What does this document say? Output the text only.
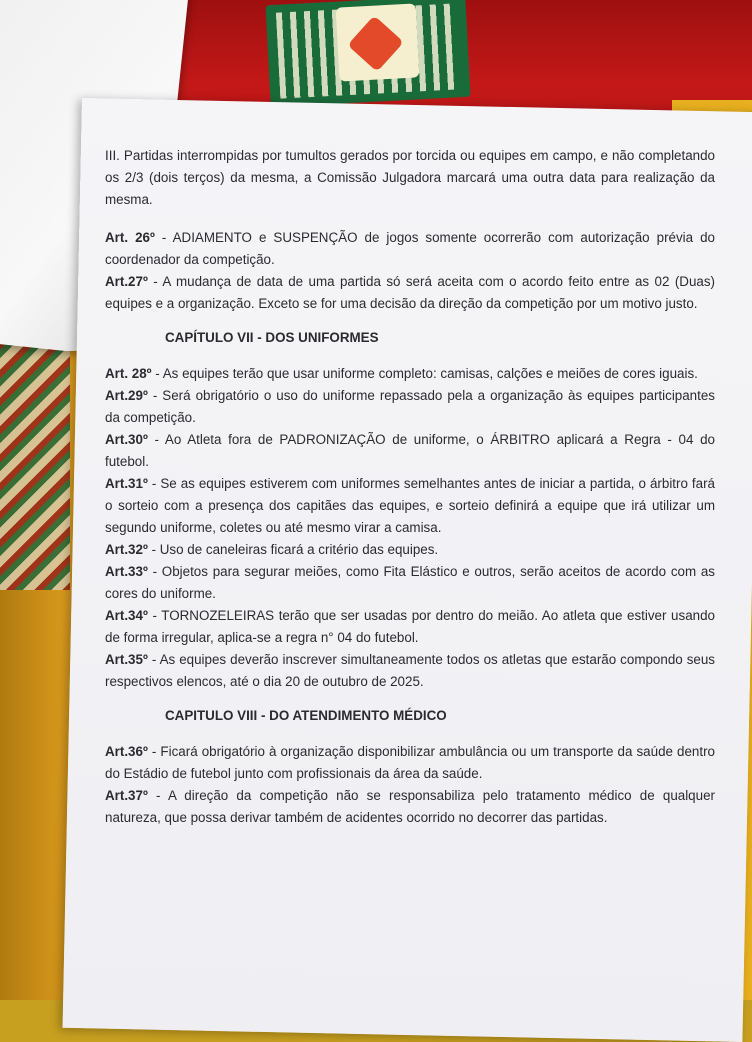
III. Partidas interrompidas por tumultos gerados por torcida ou equipes em campo, e não completando os 2/3 (dois terços) da mesma, a Comissão Julgadora marcará uma outra data para realização da mesma.

Art. 26º - ADIAMENTO e SUSPENÇÃO de jogos somente ocorrerão com autorização prévia do coordenador da competição.

Art.27º - A mudança de data de uma partida só será aceita com o acordo feito entre as 02 (Duas) equipes e a organização. Exceto se for uma decisão da direção da competição por um motivo justo.

CAPÍTULO VII - DOS UNIFORMES

Art. 28º - As equipes terão que usar uniforme completo: camisas, calções e meiões de cores iguais.

Art.29º - Será obrigatório o uso do uniforme repassado pela a organização às equipes participantes da competição.

Art.30º - Ao Atleta fora de PADRONIZAÇÃO de uniforme, o ÁRBITRO aplicará a Regra - 04 do futebol.

Art.31º - Se as equipes estiverem com uniformes semelhantes antes de iniciar a partida, o árbitro fará o sorteio com a presença dos capitães das equipes, e sorteio definirá a equipe que irá utilizar um segundo uniforme, coletes ou até mesmo virar a camisa.

Art.32º - Uso de caneleiras ficará a critério das equipes.

Art.33º - Objetos para segurar meiões, como Fita Elástico e outros, serão aceitos de acordo com as cores do uniforme.

Art.34º - TORNOZELEIRAS terão que ser usadas por dentro do meião. Ao atleta que estiver usando de forma irregular, aplica-se a regra n° 04 do futebol.

Art.35º - As equipes deverão inscrever simultaneamente todos os atletas que estarão compondo seus respectivos elencos, até o dia 20 de outubro de 2025.

CAPITULO VIII - DO ATENDIMENTO MÉDICO

Art.36º - Ficará obrigatório à organização disponibilizar ambulância ou um transporte da saúde dentro do Estádio de futebol junto com profissionais da área da saúde.

Art.37º - A direção da competição não se responsabiliza pelo tratamento médico de qualquer natureza, que possa derivar também de acidentes ocorrido no decorrer das partidas.
